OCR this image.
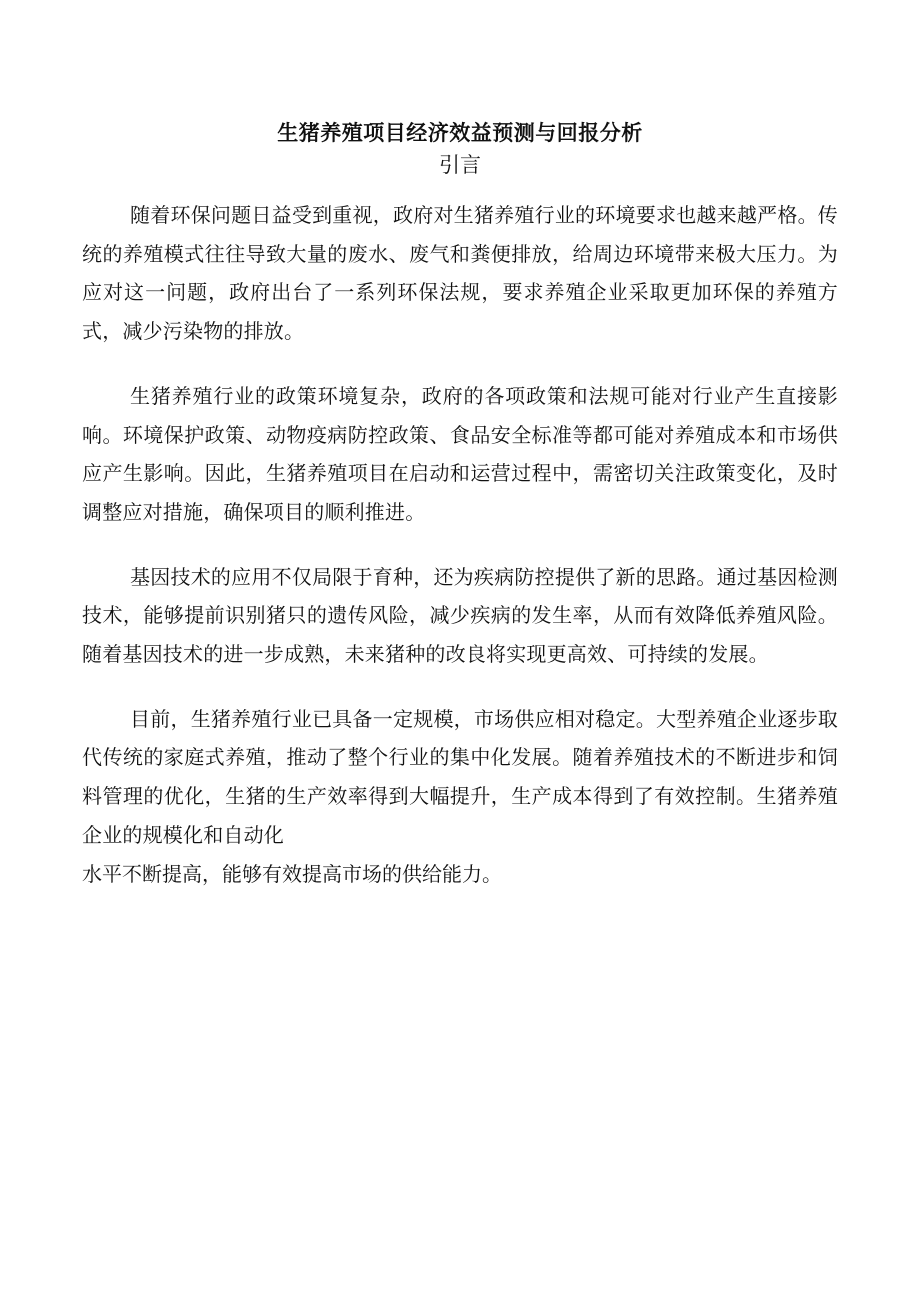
生猪养殖项目经济效益预测与回报分析

引言

随着环保问题日益受到重视，政府对生猪养殖行业的环境要求也越来越严格。传统的养殖模式往往导致大量的废水、废气和粪便排放，给周边环境带来极大压力。为应对这一问题，政府出台了一系列环保法规，要求养殖企业采取更加环保的养殖方式，减少污染物的排放。

生猪养殖行业的政策环境复杂，政府的各项政策和法规可能对行业产生直接影响。环境保护政策、动物疫病防控政策、食品安全标准等都可能对养殖成本和市场供应产生影响。因此，生猪养殖项目在启动和运营过程中，需密切关注政策变化，及时调整应对措施，确保项目的顺利推进。

基因技术的应用不仅局限于育种，还为疾病防控提供了新的思路。通过基因检测技术，能够提前识别猪只的遗传风险，减少疾病的发生率，从而有效降低养殖风险。随着基因技术的进一步成熟，未来猪种的改良将实现更高效、可持续的发展。

目前，生猪养殖行业已具备一定规模，市场供应相对稳定。大型养殖企业逐步取代传统的家庭式养殖，推动了整个行业的集中化发展。随着养殖技术的不断进步和饲料管理的优化，生猪的生产效率得到大幅提升，生产成本得到了有效控制。生猪养殖企业的规模化和自动化

水平不断提高，能够有效提高市场的供给能力。
